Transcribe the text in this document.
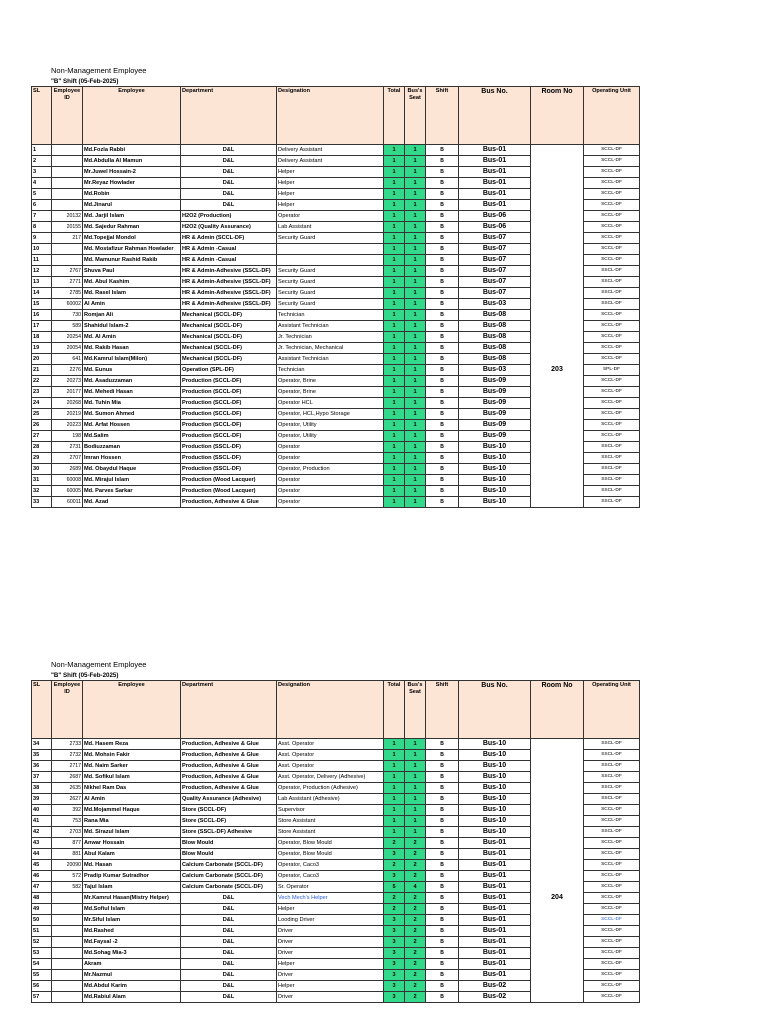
Non-Management Employee
"B" Shift (05-Feb-2025)
SL	Employee ID	Employee	Department	Designation	Total	Bus's Seat	Shift	Bus No.	Room No	Operating Unit
1		Md.Fozla Rabbi	D&L	Delivery Assistant	1	1	B	Bus-01		SCCL-DF
2		Md.Abdulla Al Mamun	D&L	Delivery Assistant	1	1	B	Bus-01		SCCL-DF
3		Mr.Juwel Hossain-2	D&L	Helper	1	1	B	Bus-01		SCCL-DF
4		Mr.Reyaz Howlader	D&L	Helper	1	1	B	Bus-01		SCCL-DF
5		Md.Robin	D&L	Helper	1	1	B	Bus-01		SCCL-DF
6		Md.Jinarul	D&L	Helper	1	1	B	Bus-01		SCCL-DF
7	20132	Md. Jarjil Islam	H2O2 (Production)	Operator	1	1	B	Bus-06		SCCL-DF
8	20155	Md. Sajedur Rahman	H2O2 (Quality Assurance)	Lab Assistant	1	1	B	Bus-06		SCCL-DF
9	217	Md.Topejjal Mondol	HR & Admin (SCCL-DF)	Security Guard	1	1	B	Bus-07		SCCL-DF
10		Md. Mostafizur Rahman Howlader	HR & Admin -Casual		1	1	B	Bus-07		SCCL-DF
11		Md. Mamunur Rashid Rakib	HR & Admin -Casual		1	1	B	Bus-07		SCCL-DF
12	2767	Shuva Paul	HR & Admin-Adhesive (SSCL-DF)	Security Guard	1	1	B	Bus-07		SSCL-DF
13	2771	Md. Abul Kashim	HR & Admin-Adhesive (SSCL-DF)	Security Guard	1	1	B	Bus-07		SSCL-DF
14	2785	Md. Rasel Islam	HR & Admin-Adhesive (SSCL-DF)	Security Guard	1	1	B	Bus-07		SSCL-DF
15	60002	Al Amin	HR & Admin-Adhesive (SSCL-DF)	Security Guard	1	1	B	Bus-03		SSCL-DF
16	730	Romjan Ali	Mechanical (SCCL-DF)	Technician	1	1	B	Bus-08		SCCL-DF
17	589	Shahidul Islam-2	Mechanical (SCCL-DF)	Assistant Technician	1	1	B	Bus-08		SCCL-DF
18	20254	Md. Al Amin	Mechanical (SCCL-DF)	Jr. Technician	1	1	B	Bus-08		SCCL-DF
19	20054	Md. Rakib Hasan	Mechanical (SCCL-DF)	Jr. Technician, Mechanical	1	1	B	Bus-08		SCCL-DF
20	641	Md.Kamrul Islam(Milon)	Mechanical (SCCL-DF)	Assistant Technician	1	1	B	Bus-08		SCCL-DF
21	2276	Md. Eunus	Operation (SPL-DF)	Technician	1	1	B	Bus-03	203	SPL-DF
22	20273	Md. Asaduzzaman	Production (SCCL-DF)	Operator, Brine	1	1	B	Bus-09		SCCL-DF
23	20177	Md. Mehedi Hasan	Production (SCCL-DF)	Operator, Brine	1	1	B	Bus-09		SCCL-DF
24	20268	Md. Tuhin Mia	Production (SCCL-DF)	Operator HCL	1	1	B	Bus-09		SCCL-DF
25	20219	Md. Sumon Ahmed	Production (SCCL-DF)	Operator, HCL,Hypo Storage	1	1	B	Bus-09		SCCL-DF
26	20223	Md. Arfat Hossen	Production (SCCL-DF)	Operator, Utility	1	1	B	Bus-09		SCCL-DF
27	198	Md.Salim	Production (SCCL-DF)	Operator, Utility	1	1	B	Bus-09		SCCL-DF
28	2731	Bodiuzzaman	Production (SSCL-DF)	Operator	1	1	B	Bus-10		SSCL-DF
29	2707	Imran Hossen	Production (SSCL-DF)	Operator	1	1	B	Bus-10		SSCL-DF
30	2689	Md. Obaydul Haque	Production (SSCL-DF)	Operator, Production	1	1	B	Bus-10		SSCL-DF
31	60008	Md. Mirajul Islam	Production (Wood Lacquer)	Operator	1	1	B	Bus-10		SSCL-DF
32	60005	Md. Parves Sarkar	Production (Wood Lacquer)	Operator	1	1	B	Bus-10		SSCL-DF
33	60011	Md. Azad	Production, Adhesive & Glue	Operator	1	1	B	Bus-10		SSCL-DF
Non-Management Employee
"B" Shift (05-Feb-2025)
SL	Employee ID	Employee	Department	Designation	Total	Bus's Seat	Shift	Bus No.	Room No	Operating Unit
34	2733	Md. Hasem Reza	Production, Adhesive & Glue	Asst. Operator	1	1	B	Bus-10		SSCL-DF
35	2732	Md. Mohsin Fakir	Production, Adhesive & Glue	Asst. Operator	1	1	B	Bus-10		SSCL-DF
36	2717	Md. Naim Sarker	Production, Adhesive & Glue	Asst. Operator	1	1	B	Bus-10		SSCL-DF
37	2687	Md. Sofikul Islam	Production, Adhesive & Glue	Asst. Operator, Delivery (Adhesive)	1	1	B	Bus-10		SSCL-DF
38	2635	Nikhel Ram Das	Production, Adhesive & Glue	Operator, Production (Adhesive)	1	1	B	Bus-10		SSCL-DF
39	2627	Al Amin	Quality Assurance (Adhesive)	Lab Assistant (Adhesive)	1	1	B	Bus-10		SSCL-DF
40	392	Md.Mojammel Haque	Store (SCCL-DF)	Supervisor	1	1	B	Bus-10		SCCL-DF
41	753	Rana Mia	Store (SCCL-DF)	Store Assistant	1	1	B	Bus-10		SCCL-DF
42	2703	Md. Sirazul Islam	Store (SSCL-DF) Adhesive	Store Assistant	1	1	B	Bus-10		SSCL-DF
43	877	Anwar Hossain	Blow Mould	Operator, Blow Mould	2	2	B	Bus-01		SCCL-DF
44	881	Abul Kalam	Blow Mould	Operator, Blow Mould	3	2	B	Bus-01		SCCL-DF
45	20090	Md. Hasan	Calcium Carbonate (SCCL-DF)	Operator, Caco3	2	2	B	Bus-01		SCCL-DF
46	572	Pradip Kumar Sutradhor	Calcium Carbonate (SCCL-DF)	Operator, Caco3	3	2	B	Bus-01		SCCL-DF
47	582	Tajul Islam	Calcium Carbonate (SCCL-DF)	Sr. Operator	5	4	B	Bus-01		SCCL-DF
48		Mr.Kamrul Hasan(Mistry Helper)	D&L	Vech Mech's Helper	2	2	B	Bus-01	204	SCCL-DF
49		Md.Sofiul Islam	D&L	Helper	2	2	B	Bus-01		SCCL-DF
50		Mr.Siful Islam	D&L	Looding Driver	3	2	B	Bus-01		SCCL-DF
51		Md.Rashed	D&L	Driver	3	2	B	Bus-01		SCCL-DF
52		Md.Faysal -2	D&L	Driver	3	2	B	Bus-01		SCCL-DF
53		Md.Sohag Mia-3	D&L	Driver	3	2	B	Bus-01		SCCL-DF
54		Akram	D&L	Helper	3	2	B	Bus-01		SCCL-DF
55		Mr.Nazmul	D&L	Driver	3	2	B	Bus-01		SCCL-DF
56		Md.Abdul Karim	D&L	Helper	3	2	B	Bus-02		SCCL-DF
57		Md.Rabiul Alam	D&L	Driver	3	2	B	Bus-02		SCCL-DF
